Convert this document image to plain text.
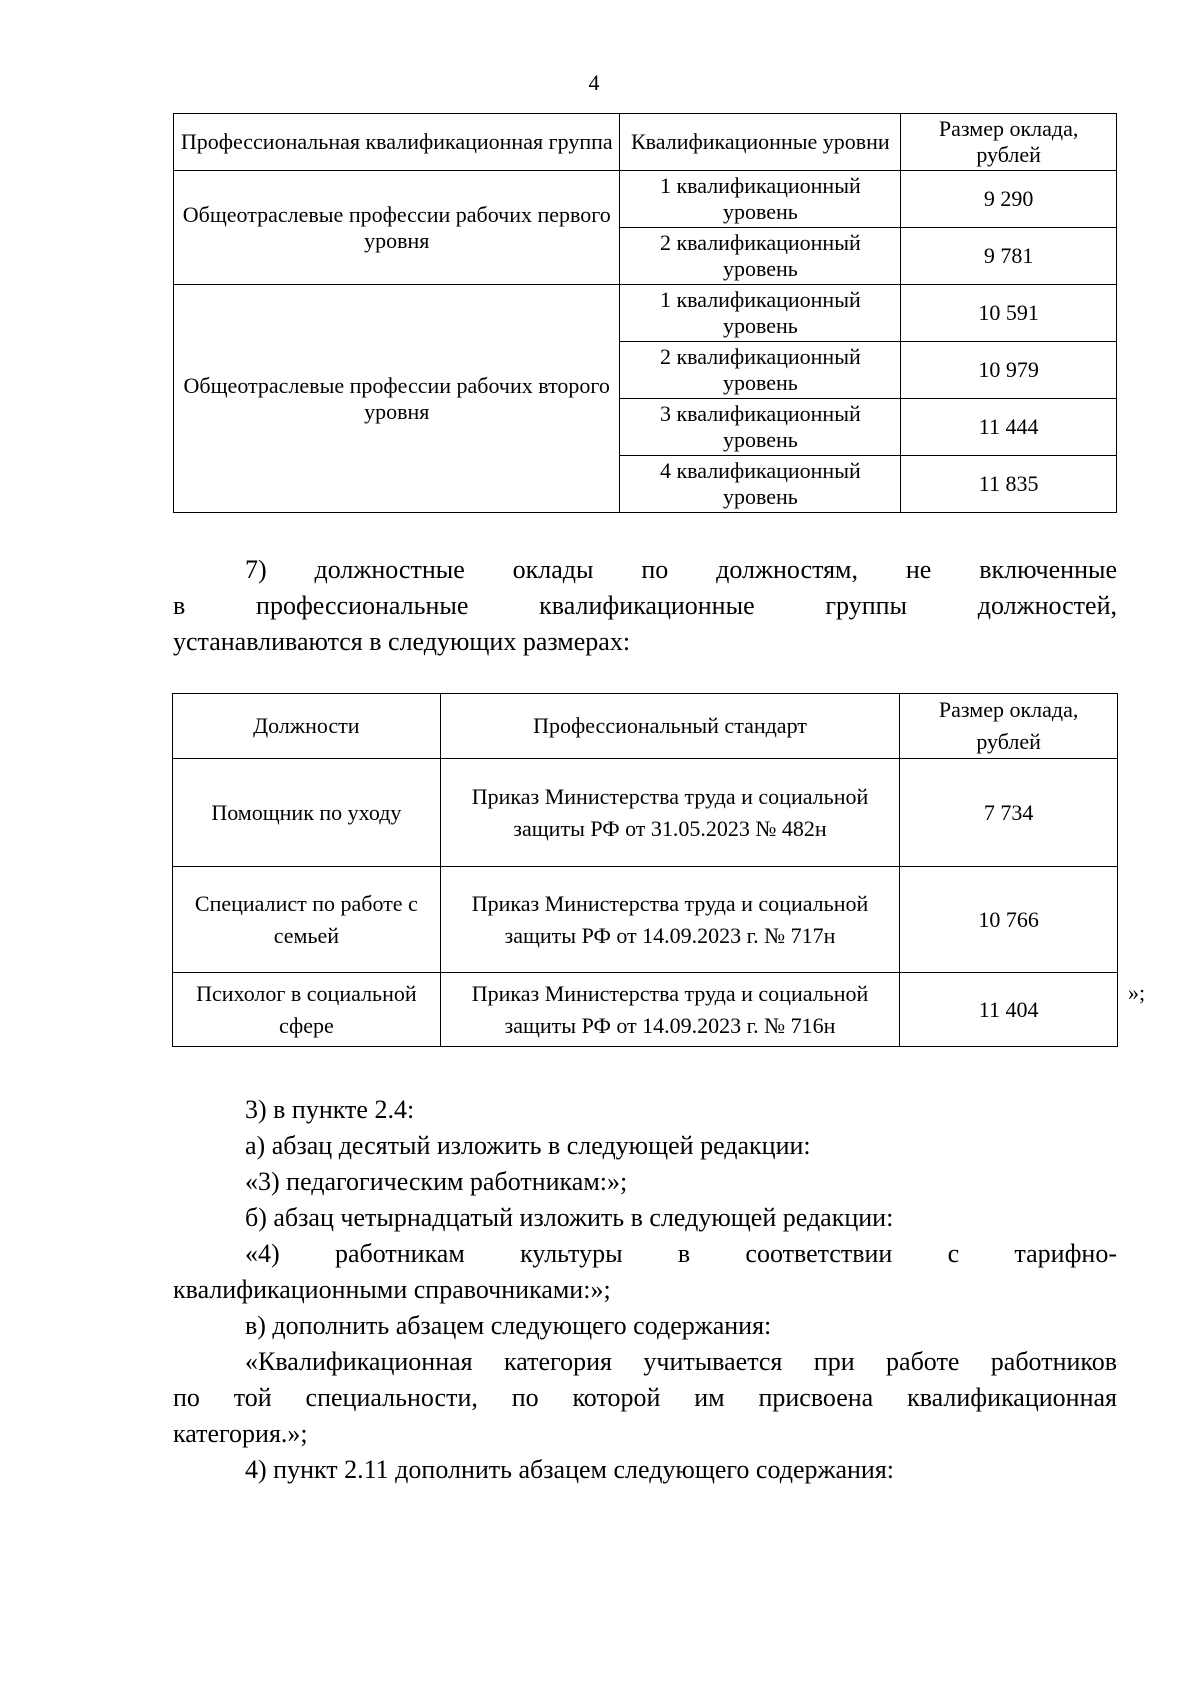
4
Профессиональная квалификационная группа	Квалификационные уровни	Размер оклада, рублей
Общеотраслевые профессии рабочих первого уровня	1 квалификационный уровень	9 290
	2 квалификационный уровень	9 781
Общеотраслевые профессии рабочих второго уровня	1 квалификационный уровень	10 591
	2 квалификационный уровень	10 979
	3 квалификационный уровень	11 444
	4 квалификационный уровень	11 835

7) должностные оклады по должностям, не включенные

в профессиональные квалификационные группы должностей,

устанавливаются в следующих размерах:

Должности	Профессиональный стандарт	Размер оклада, рублей
Помощник по уходу	Приказ Министерства труда и социальной защиты РФ от 31.05.2023 № 482н	7 734
Специалист по работе с семьей	Приказ Министерства труда и социальной защиты РФ от 14.09.2023 г. № 717н	10 766
Психолог в социальной сфере	Приказ Министерства труда и социальной защиты РФ от 14.09.2023 г. № 716н	11 404
»;

3) в пункте 2.4:

а) абзац десятый изложить в следующей редакции:

«3) педагогическим работникам:»;

б) абзац четырнадцатый изложить в следующей редакции:

«4) работникам культуры в соответствии с тарифно-

квалификационными справочниками:»;

в) дополнить абзацем следующего содержания:

«Квалификационная категория учитывается при работе работников

по той специальности, по которой им присвоена квалификационная

категория.»;

4) пункт 2.11 дополнить абзацем следующего содержания:
